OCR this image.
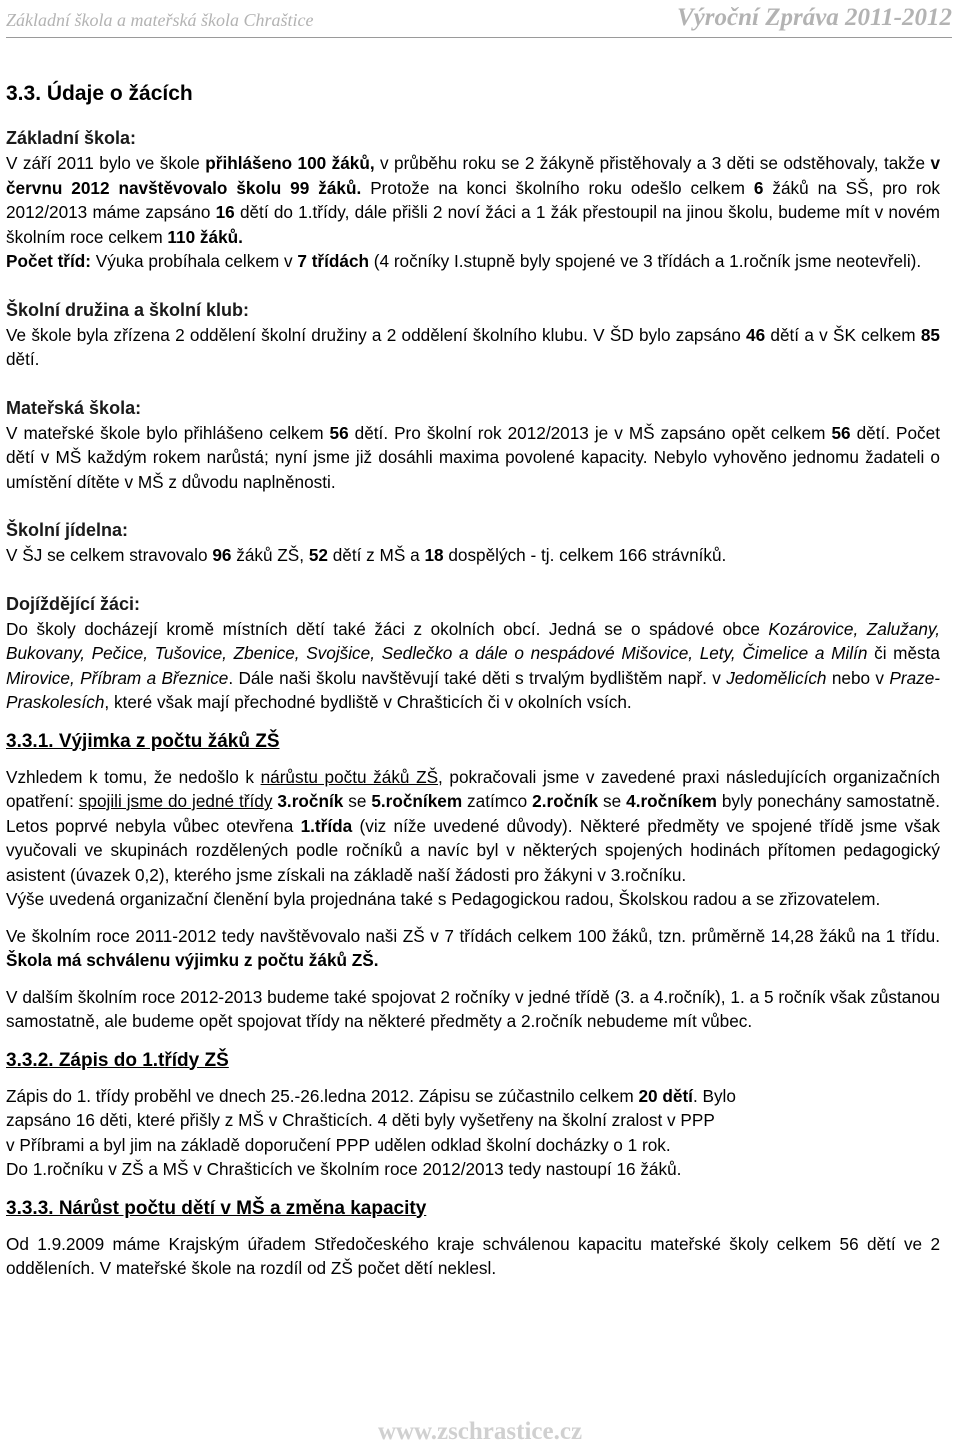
Základní škola a mateřská škola Chraštice	Výroční Zpráva 2011-2012
3.3. Údaje o žácích
Základní škola:

V září 2011 bylo ve škole přihlášeno 100 žáků, v průběhu roku se 2 žákyně přistěhovaly a 3 děti se odstěhovaly, takže v červnu 2012 navštěvovalo školu 99 žáků. Protože na konci školního roku odešlo celkem 6 žáků na SŠ, pro rok 2012/2013 máme zapsáno 16 dětí do 1.třídy, dále přišli 2 noví žáci a 1 žák přestoupil na jinou školu, budeme mít v novém školním roce celkem 110 žáků.
Počet tříd: Výuka probíhala celkem v 7 třídách (4 ročníky I.stupně byly spojené ve 3 třídách a 1.ročník jsme neotevřeli).

Školní družina a školní klub:

Ve škole byla zřízena 2 oddělení školní družiny a 2 oddělení školního klubu. V ŠD bylo zapsáno 46 dětí a v ŠK celkem 85 dětí.

Mateřská škola:

V mateřské škole bylo přihlášeno celkem 56 dětí. Pro školní rok 2012/2013 je v MŠ zapsáno opět celkem 56 dětí. Počet dětí v MŠ každým rokem narůstá; nyní jsme již dosáhli maxima povolené kapacity. Nebylo vyhověno jednomu žadateli o umístění dítěte v MŠ z důvodu naplněnosti.

Školní jídelna:

V ŠJ se celkem stravovalo 96 žáků ZŠ, 52 dětí z MŠ a 18 dospělých - tj. celkem 166 strávníků.

Dojíždějící žáci:

Do školy docházejí kromě místních dětí také žáci z okolních obcí. Jedná se o spádové obce Kozárovice, Zalužany, Bukovany, Pečice, Tušovice, Zbenice, Svojšice, Sedlečko a dále o nespádové Mišovice, Lety, Čimelice a Milín či města Mirovice, Příbram a Březnice. Dále naši školu navštěvují také děti s trvalým bydlištěm např. v Jedomělicích nebo v Praze-Praskolesích, které však mají přechodné bydliště v Chrašticích či v okolních vsích.

3.3.1. Výjimka z počtu žáků ZŠ

Vzhledem k tomu, že nedošlo k nárůstu počtu žáků ZŠ, pokračovali jsme v zavedené praxi následujících organizačních opatření: spojili jsme do jedné třídy 3.ročník se 5.ročníkem zatímco 2.ročník se 4.ročníkem byly ponechány samostatně. Letos poprvé nebyla vůbec otevřena 1.třída (viz níže uvedené důvody). Některé předměty ve spojené třídě jsme však vyučovali ve skupinách rozdělených podle ročníků a navíc byl v některých spojených hodinách přítomen pedagogický asistent (úvazek 0,2), kterého jsme získali na základě naší žádosti pro žákyni v 3.ročníku.

Výše uvedená organizační členění byla projednána také s Pedagogickou radou, Školskou radou a se zřizovatelem.

Ve školním roce 2011-2012 tedy navštěvovalo naši ZŠ v 7 třídách celkem 100 žáků, tzn. průměrně 14,28 žáků na 1 třídu. Škola má schválenu výjimku z počtu žáků ZŠ.

V dalším školním roce 2012-2013 budeme také spojovat 2 ročníky v jedné třídě (3. a 4.ročník), 1. a 5 ročník však zůstanou samostatně, ale budeme opět spojovat třídy na některé předměty a 2.ročník nebudeme mít vůbec.

3.3.2. Zápis do 1.třídy ZŠ

Zápis do 1. třídy proběhl ve dnech 25.-26.ledna 2012. Zápisu se zúčastnilo celkem 20 dětí. Bylo
zapsáno 16 děti, které přišly z MŠ v Chrašticích. 4 děti byly vyšetřeny na školní zralost v PPP
v Příbrami a byl jim na základě doporučení PPP udělen odklad školní docházky o 1 rok.
Do 1.ročníku v ZŠ a MŠ v Chrašticích ve školním roce 2012/2013 tedy nastoupí 16 žáků.

3.3.3. Nárůst počtu dětí v MŠ a změna kapacity

Od 1.9.2009 máme Krajským úřadem Středočeského kraje schválenou kapacitu mateřské školy celkem 56 dětí ve 2 odděleních. V mateřské škole na rozdíl od ZŠ počet dětí neklesl.

www.zschrastice.cz
